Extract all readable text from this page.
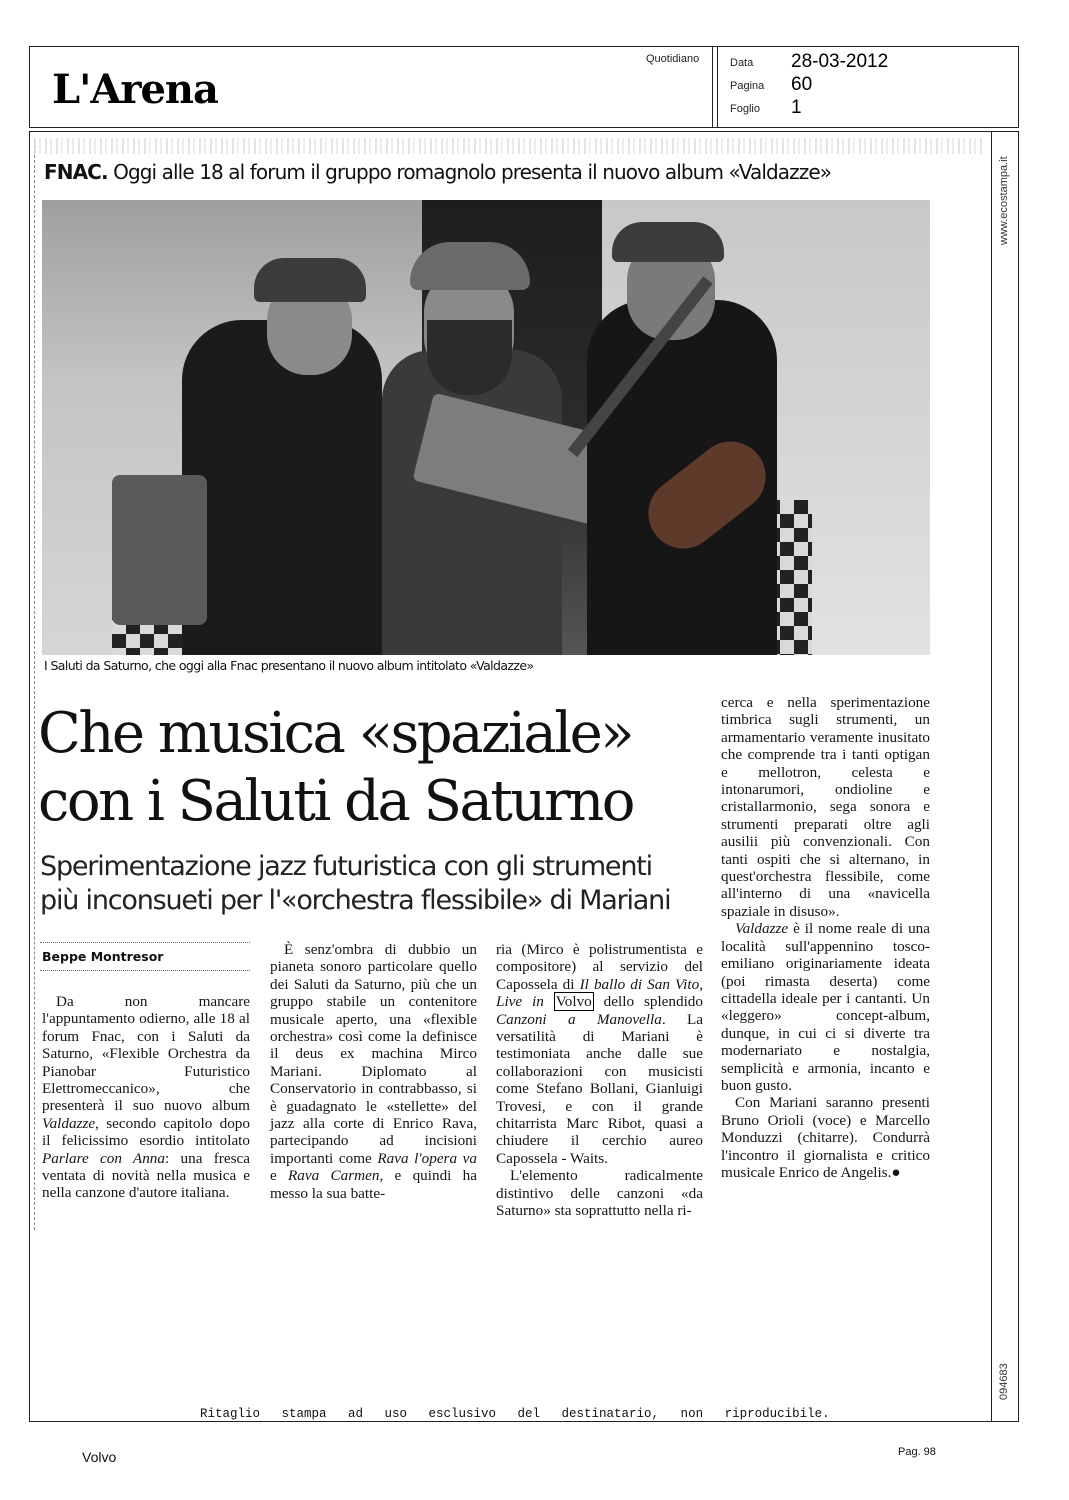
L'Arena
Quotidiano	Data 28-03-2012
Pagina 60
Foglio 1
www.ecostampa.it
094683
FNAC. Oggi alle 18 al forum il gruppo romagnolo presenta il nuovo album «Valdazze»
I Saluti da Saturno, che oggi alla Fnac presentano il nuovo album intitolato «Valdazze»
Che musica «spaziale»
con i Saluti da Saturno
Sperimentazione jazz futuristica con gli strumenti
più inconsueti per l'«orchestra flessibile» di Mariani
Beppe Montresor

Da non mancare l'appuntamento odierno, alle 18 al forum Fnac, con i Saluti da Saturno, «Flexible Orchestra da Pianobar Futuristico Elettromeccanico», che presenterà il suo nuovo album Valdazze, secondo capitolo dopo il felicissimo esordio intitolato Parlare con Anna: una fresca ventata di novità nella musica e nella canzone d'autore italiana.

È senz'ombra di dubbio un pianeta sonoro particolare quello dei Saluti da Saturno, più che un gruppo stabile un contenitore musicale aperto, una «flexible orchestra» così come la definisce il deus ex machina Mirco Mariani. Diplomato al Conservatorio in contrabbasso, si è guadagnato le «stellette» del jazz alla corte di Enrico Rava, partecipando ad incisioni importanti come Rava l'opera va e Rava Carmen, e quindi ha messo la sua batte-

ria (Mirco è polistrumentista e compositore) al servizio del Capossela di Il ballo di San Vito, Live in Volvo dello splendido Canzoni a Manovella. La versatilità di Mariani è testimoniata anche dalle sue collaborazioni con musicisti come Stefano Bollani, Gianluigi Trovesi, e con il grande chitarrista Marc Ribot, quasi a chiudere il cerchio aureo Capossela - Waits.

L'elemento radicalmente distintivo delle canzoni «da Saturno» sta soprattutto nella ri-

cerca e nella sperimentazione timbrica sugli strumenti, un armamentario veramente inusitato che comprende tra i tanti optigan e mellotron, celesta e intonarumori, ondioline e cristallarmonio, sega sonora e strumenti preparati oltre agli ausilii più convenzionali. Con tanti ospiti che si alternano, in quest'orchestra flessibile, come all'interno di una «navicella spaziale in disuso».

Valdazze è il nome reale di una località sull'appennino tosco-emiliano originariamente ideata (poi rimasta deserta) come cittadella ideale per i cantanti. Un «leggero» concept-album, dunque, in cui ci si diverte tra modernariato e nostalgia, semplicità e armonia, incanto e buon gusto.

Con Mariani saranno presenti Bruno Orioli (voce) e Marcello Monduzzi (chitarre). Condurrà l'incontro il giornalista e critico musicale Enrico de Angelis.●

Ritaglio stampa ad uso esclusivo del destinatario, non riproducibile.
Volvo	Pag. 98
